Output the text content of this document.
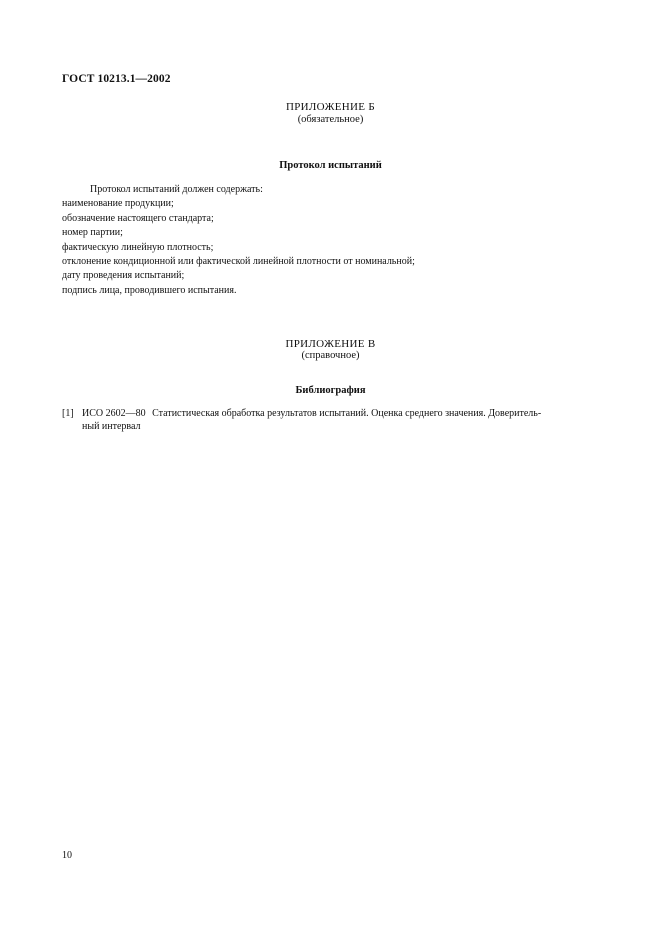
ГОСТ 10213.1—2002
ПРИЛОЖЕНИЕ Б
(обязательное)
Протокол испытаний
Протокол испытаний должен содержать:
наименование продукции;
обозначение настоящего стандарта;
номер партии;
фактическую линейную плотность;
отклонение кондиционной или фактической линейной плотности от номинальной;
дату проведения испытаний;
подпись лица, проводившего испытания.
ПРИЛОЖЕНИЕ В
(справочное)
Библиография
[1] ИСО 2602—80 Статистическая обработка результатов испытаний. Оценка среднего значения. Доверитель-
ный интервал
10
